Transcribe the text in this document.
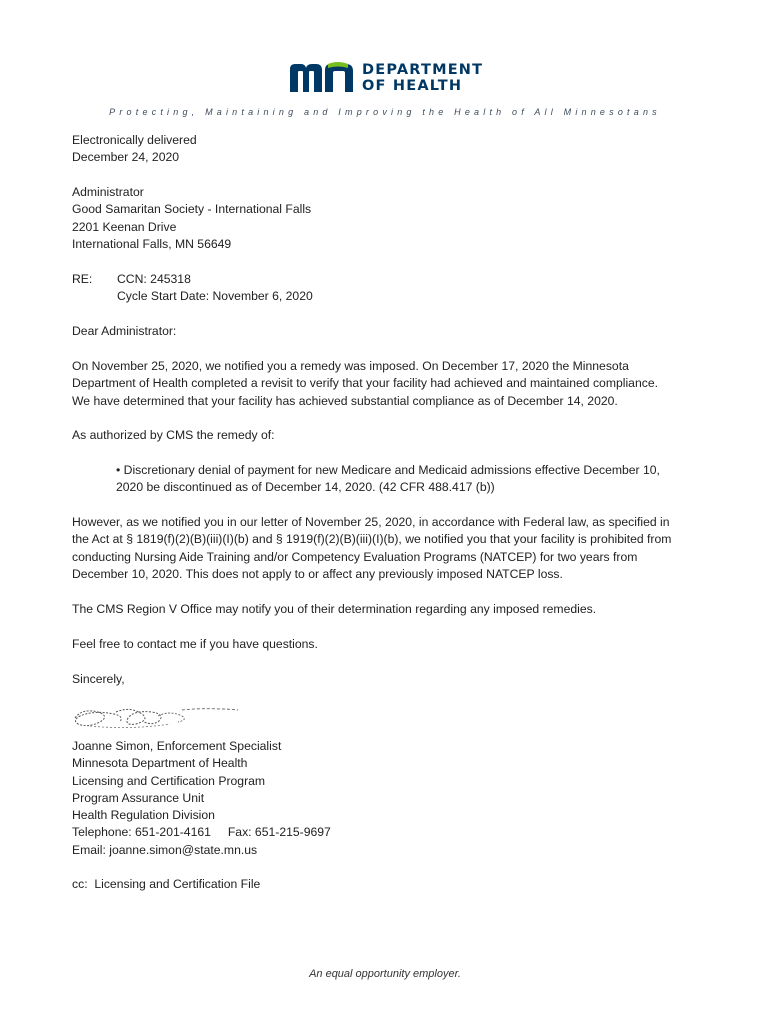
DEPARTMENT
OF HEALTH
Protecting, Maintaining and Improving the Health of All Minnesotans
Electronically delivered
December 24, 2020
Administrator
Good Samaritan Society - International Falls
2201 Keenan Drive
International Falls, MN 56649
RE: CCN: 245318
Cycle Start Date: November 6, 2020
Dear Administrator:
On November 25, 2020, we notified you a remedy was imposed. On December 17, 2020 the Minnesota
Department of Health completed a revisit to verify that your facility had achieved and maintained compliance.
We have determined that your facility has achieved substantial compliance as of December 14, 2020.
As authorized by CMS the remedy of:
• Discretionary denial of payment for new Medicare and Medicaid admissions effective December 10,
2020 be discontinued as of December 14, 2020. (42 CFR 488.417 (b))
However, as we notified you in our letter of November 25, 2020, in accordance with Federal law, as specified in
the Act at § 1819(f)(2)(B)(iii)(I)(b) and § 1919(f)(2)(B)(iii)(I)(b), we notified you that your facility is prohibited from
conducting Nursing Aide Training and/or Competency Evaluation Programs (NATCEP) for two years from
December 10, 2020. This does not apply to or affect any previously imposed NATCEP loss.
The CMS Region V Office may notify you of their determination regarding any imposed remedies.
Feel free to contact me if you have questions.
Sincerely,
Joanne Simon, Enforcement Specialist
Minnesota Department of Health
Licensing and Certification Program
Program Assurance Unit
Health Regulation Division
Telephone: 651-201-4161     Fax: 651-215-9697
Email: joanne.simon@state.mn.us
cc:  Licensing and Certification File
An equal opportunity employer.
